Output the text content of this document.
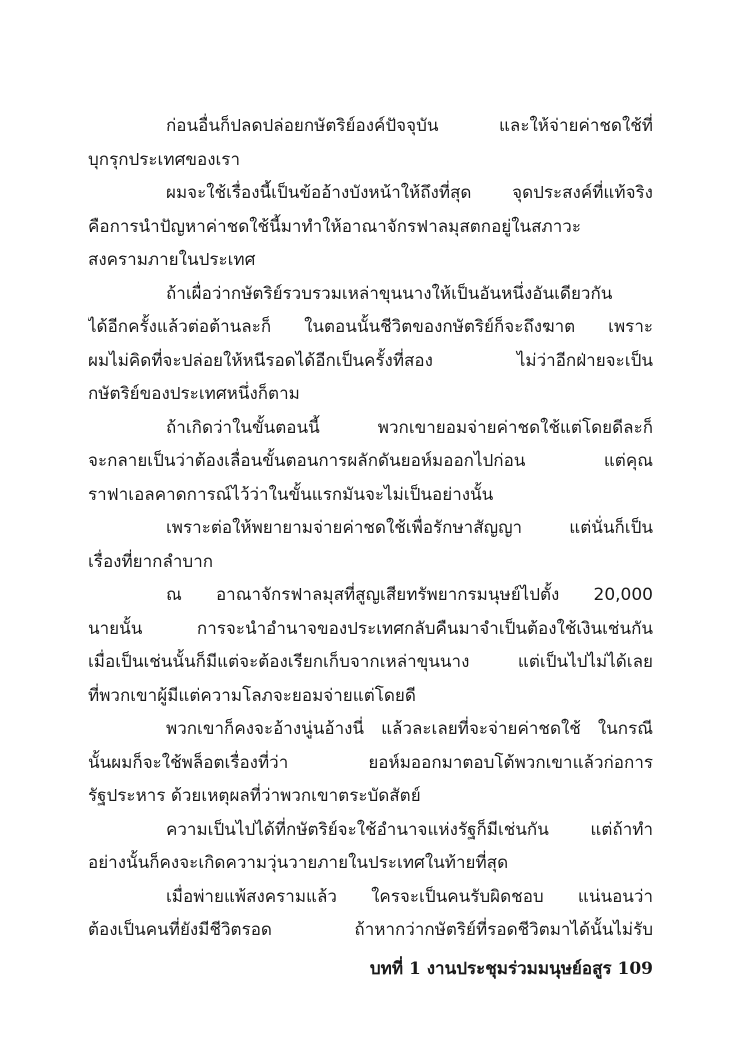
ก่อนอื่นก็ปลดปล่อยกษัตริย์องค์ปัจจุบัน และให้จ่ายค่าชดใช้ที่
บุกรุกประเทศของเรา
ผมจะใช้เรื่องนี้เป็นข้ออ้างบังหน้าให้ถึงที่สุด จุดประสงค์ที่แท้จริง
คือการนำปัญหาค่าชดใช้นี้มาทำให้อาณาจักรฟาลมุสตกอยู่ในสภาวะ
สงครามภายในประเทศ
ถ้าเผื่อว่ากษัตริย์รวบรวมเหล่าขุนนางให้เป็นอันหนึ่งอันเดียวกัน
ได้อีกครั้งแล้วต่อต้านละก็ ในตอนนั้นชีวิตของกษัตริย์ก็จะถึงฆาต เพราะ
ผมไม่คิดที่จะปล่อยให้หนีรอดได้อีกเป็นครั้งที่สอง ไม่ว่าอีกฝ่ายจะเป็น
กษัตริย์ของประเทศหนึ่งก็ตาม
ถ้าเกิดว่าในขั้นตอนนี้ พวกเขายอมจ่ายค่าชดใช้แต่โดยดีละก็
จะกลายเป็นว่าต้องเลื่อนขั้นตอนการผลักดันยอห์มออกไปก่อน แต่คุณ
ราฟาเอลคาดการณ์ไว้ว่าในขั้นแรกมันจะไม่เป็นอย่างนั้น
เพราะต่อให้พยายามจ่ายค่าชดใช้เพื่อรักษาสัญญา แต่นั่นก็เป็น
เรื่องที่ยากลำบาก
ณ อาณาจักรฟาลมุสที่สูญเสียทรัพยากรมนุษย์ไปตั้ง 20,000
นายนั้น การจะนำอำนาจของประเทศกลับคืนมาจำเป็นต้องใช้เงินเช่นกัน
เมื่อเป็นเช่นนั้นก็มีแต่จะต้องเรียกเก็บจากเหล่าขุนนาง แต่เป็นไปไม่ได้เลย
ที่พวกเขาผู้มีแต่ความโลภจะยอมจ่ายแต่โดยดี
พวกเขาก็คงจะอ้างนู่นอ้างนี่ แล้วละเลยที่จะจ่ายค่าชดใช้ ในกรณี
นั้นผมก็จะใช้พล็อตเรื่องที่ว่า ยอห์มออกมาตอบโต้พวกเขาแล้วก่อการ
รัฐประหาร ด้วยเหตุผลที่ว่าพวกเขาตระบัดสัตย์
ความเป็นไปได้ที่กษัตริย์จะใช้อำนาจแห่งรัฐก็มีเช่นกัน แต่ถ้าทำ
อย่างนั้นก็คงจะเกิดความวุ่นวายภายในประเทศในท้ายที่สุด
เมื่อพ่ายแพ้สงครามแล้ว ใครจะเป็นคนรับผิดชอบ แน่นอนว่า
ต้องเป็นคนที่ยังมีชีวิตรอด ถ้าหากว่ากษัตริย์ที่รอดชีวิตมาได้นั้นไม่รับ
บทที่ 1 งานประชุมร่วมมนุษย์อสูร 109
